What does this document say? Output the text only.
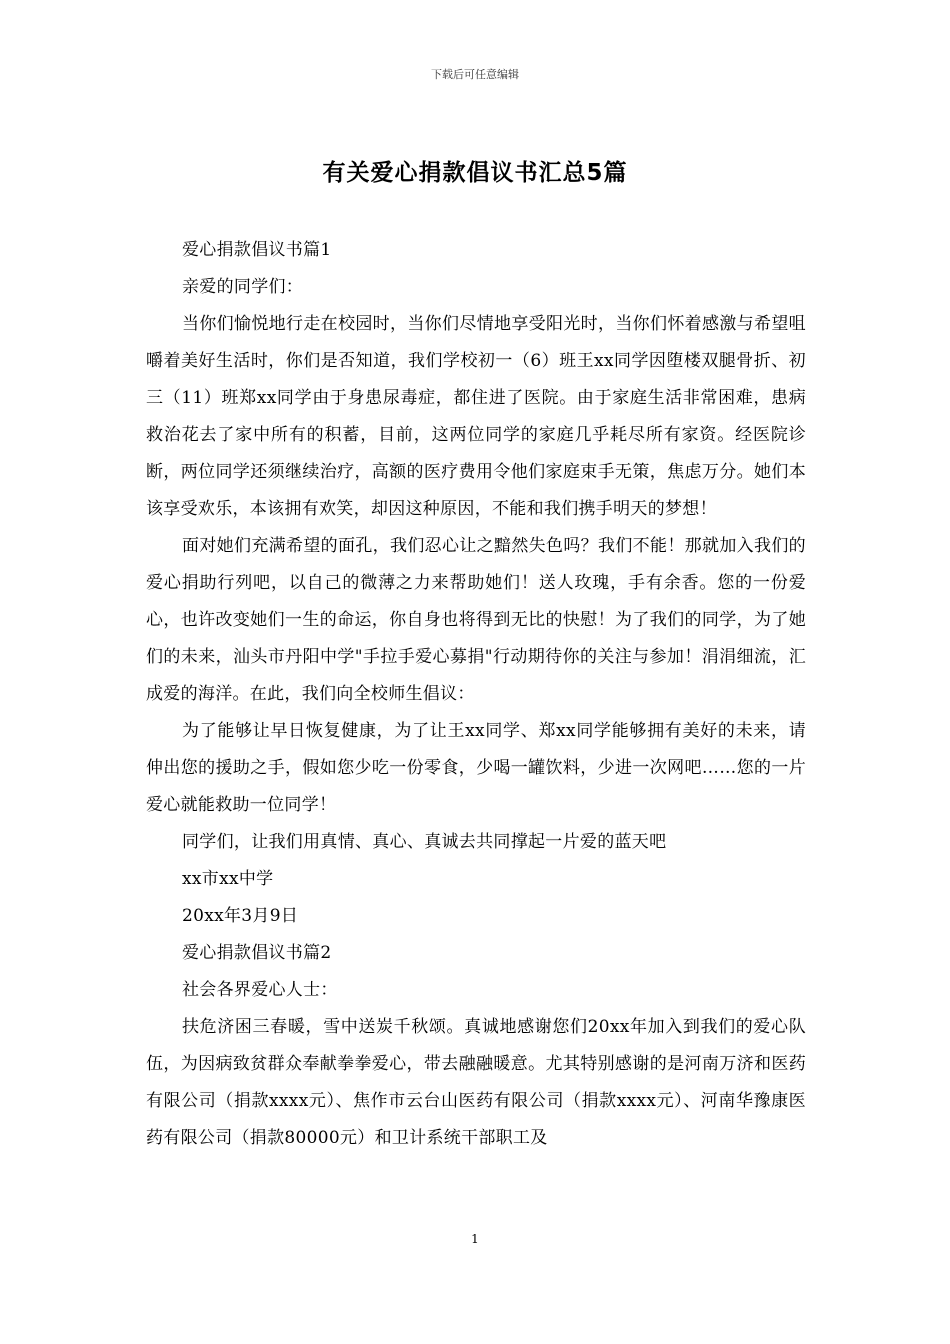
下载后可任意编辑
有关爱心捐款倡议书汇总5篇

爱心捐款倡议书篇1

亲爱的同学们：

当你们愉悦地行走在校园时，当你们尽情地享受阳光时，当你们怀着感激与希望咀嚼着美好生活时，你们是否知道，我们学校初一（6）班王xx同学因堕楼双腿骨折、初三（11）班郑xx同学由于身患尿毒症，都住进了医院。由于家庭生活非常困难，患病救治花去了家中所有的积蓄，目前，这两位同学的家庭几乎耗尽所有家资。经医院诊断，两位同学还须继续治疗，高额的医疗费用令他们家庭束手无策，焦虑万分。她们本该享受欢乐，本该拥有欢笑，却因这种原因，不能和我们携手明天的梦想！

面对她们充满希望的面孔，我们忍心让之黯然失色吗？我们不能！那就加入我们的爱心捐助行列吧，以自己的微薄之力来帮助她们！送人玫瑰，手有余香。您的一份爱心，也许改变她们一生的命运，你自身也将得到无比的快慰！为了我们的同学，为了她们的未来，汕头市丹阳中学"手拉手爱心募捐"行动期待你的关注与参加！涓涓细流，汇成爱的海洋。在此，我们向全校师生倡议：

为了能够让早日恢复健康，为了让王xx同学、郑xx同学能够拥有美好的未来，请伸出您的援助之手，假如您少吃一份零食，少喝一罐饮料，少进一次网吧……您的一片爱心就能救助一位同学！

同学们，让我们用真情、真心、真诚去共同撑起一片爱的蓝天吧

xx市xx中学

20xx年3月9日

爱心捐款倡议书篇2

社会各界爱心人士：

扶危济困三春暖，雪中送炭千秋颂。真诚地感谢您们20xx年加入到我们的爱心队伍，为因病致贫群众奉献拳拳爱心，带去融融暖意。尤其特别感谢的是河南万济和医药有限公司（捐款xxxx元）、焦作市云台山医药有限公司（捐款xxxx元）、河南华豫康医药有限公司（捐款80000元）和卫计系统干部职工及

1
